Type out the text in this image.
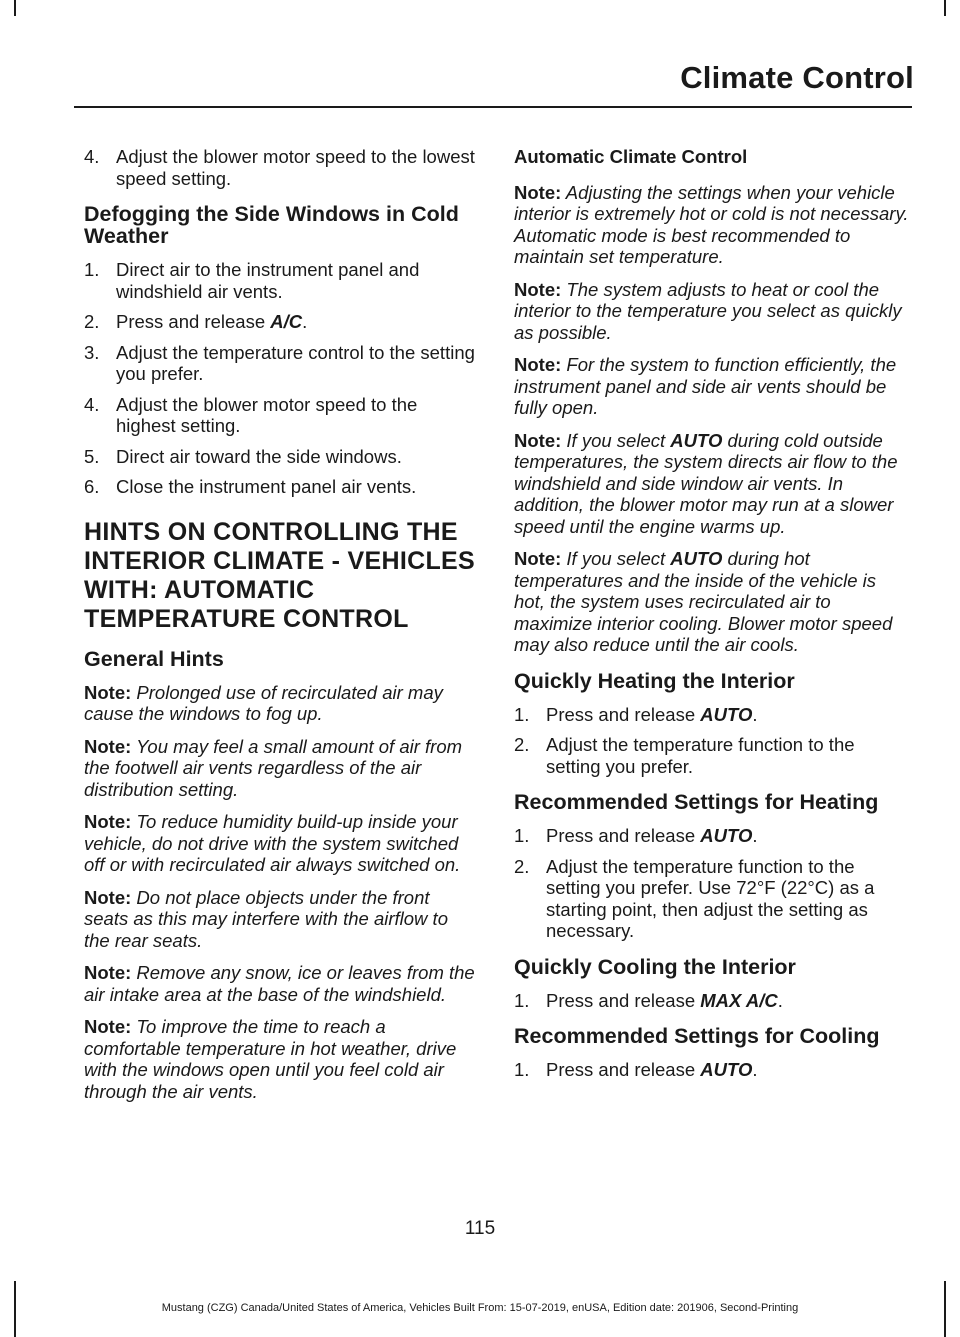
Climate Control
4. Adjust the blower motor speed to the lowest speed setting.
Defogging the Side Windows in Cold Weather
1. Direct air to the instrument panel and windshield air vents.
2. Press and release A/C.
3. Adjust the temperature control to the setting you prefer.
4. Adjust the blower motor speed to the highest setting.
5. Direct air toward the side windows.
6. Close the instrument panel air vents.
HINTS ON CONTROLLING THE INTERIOR CLIMATE - VEHICLES WITH: AUTOMATIC TEMPERATURE CONTROL
General Hints
Note: Prolonged use of recirculated air may cause the windows to fog up.
Note: You may feel a small amount of air from the footwell air vents regardless of the air distribution setting.
Note: To reduce humidity build-up inside your vehicle, do not drive with the system switched off or with recirculated air always switched on.
Note: Do not place objects under the front seats as this may interfere with the airflow to the rear seats.
Note: Remove any snow, ice or leaves from the air intake area at the base of the windshield.
Note: To improve the time to reach a comfortable temperature in hot weather, drive with the windows open until you feel cold air through the air vents.
Automatic Climate Control
Note: Adjusting the settings when your vehicle interior is extremely hot or cold is not necessary. Automatic mode is best recommended to maintain set temperature.
Note: The system adjusts to heat or cool the interior to the temperature you select as quickly as possible.
Note: For the system to function efficiently, the instrument panel and side air vents should be fully open.
Note: If you select AUTO during cold outside temperatures, the system directs air flow to the windshield and side window air vents. In addition, the blower motor may run at a slower speed until the engine warms up.
Note: If you select AUTO during hot temperatures and the inside of the vehicle is hot, the system uses recirculated air to maximize interior cooling. Blower motor speed may also reduce until the air cools.
Quickly Heating the Interior
1. Press and release AUTO.
2. Adjust the temperature function to the setting you prefer.
Recommended Settings for Heating
1. Press and release AUTO.
2. Adjust the temperature function to the setting you prefer. Use 72°F (22°C) as a starting point, then adjust the setting as necessary.
Quickly Cooling the Interior
1. Press and release MAX A/C.
Recommended Settings for Cooling
1. Press and release AUTO.
115
Mustang (CZG) Canada/United States of America, Vehicles Built From: 15-07-2019, enUSA, Edition date: 201906, Second-Printing
